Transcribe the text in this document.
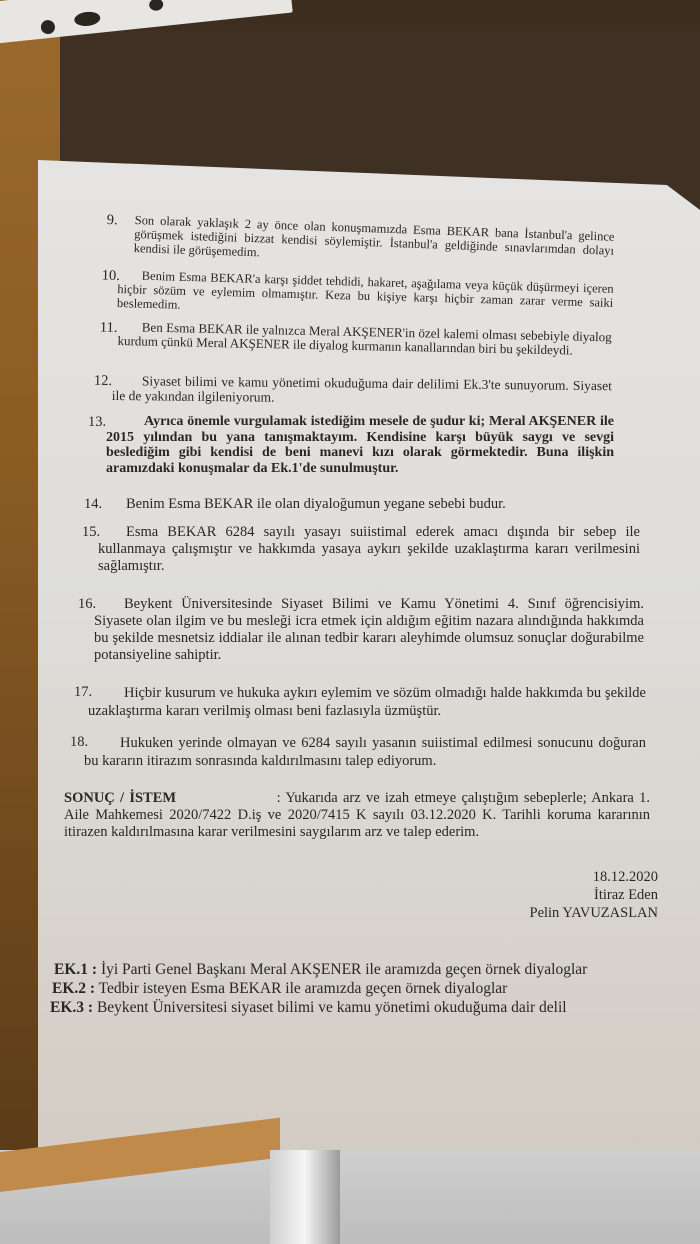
9. Son olarak yaklaşık 2 ay önce olan konuşmamızda Esma BEKAR bana İstanbul'a gelince görüşmek istediğini bizzat kendisi söylemiştir. İstanbul'a geldiğinde sınavlarımdan dolayı kendisi ile görüşemedim.

10.	Benim Esma BEKAR'a karşı şiddet tehdidi, hakaret, aşağılama veya küçük düşürmeyi içeren hiçbir sözüm ve eylemim olmamıştır. Keza bu kişiye karşı hiçbir zaman zarar verme saiki beslemedim.

11.	Ben Esma BEKAR ile yalnızca Meral AKŞENER'in özel kalemi olması sebebiyle diyalog kurdum çünkü Meral AKŞENER ile diyalog kurmanın kanallarından biri bu şekildeydi.

12.	Siyaset bilimi ve kamu yönetimi okuduğuma dair delilimi Ek.3'te sunuyorum. Siyaset ile de yakından ilgileniyorum.

13.	Ayrıca önemle vurgulamak istediğim mesele de şudur ki; Meral AKŞENER ile 2015 yılından bu yana tanışmaktayım. Kendisine karşı büyük saygı ve sevgi beslediğim gibi kendisi de beni manevi kızı olarak görmektedir. Buna ilişkin aramızdaki konuşmalar da Ek.1'de sunulmuştur.

14.	Benim Esma BEKAR ile olan diyaloğumun yegane sebebi budur.

15.	Esma BEKAR 6284 sayılı yasayı suiistimal ederek amacı dışında bir sebep ile kullanmaya çalışmıştır ve hakkımda yasaya aykırı şekilde uzaklaştırma kararı verilmesini sağlamıştır.

16.	Beykent Üniversitesinde Siyaset Bilimi ve Kamu Yönetimi 4. Sınıf öğrencisiyim. Siyasete olan ilgim ve bu mesleği icra etmek için aldığım eğitim nazara alındığında hakkımda bu şekilde mesnetsiz iddialar ile alınan tedbir kararı aleyhimde olumsuz sonuçlar doğurabilme potansiyeline sahiptir.

17.	Hiçbir kusurum ve hukuka aykırı eylemim ve sözüm olmadığı halde hakkımda bu şekilde uzaklaştırma kararı verilmiş olması beni fazlasıyla üzmüştür.

18.	Hukuken yerinde olmayan ve 6284 sayılı yasanın suiistimal edilmesi sonucunu doğuran bu kararın itirazım sonrasında kaldırılmasını talep ediyorum.

SONUÇ / İSTEM	: Yukarıda arz ve izah etmeye çalıştığım sebeplerle; Ankara 1. Aile Mahkemesi 2020/7422 D.iş ve 2020/7415 K sayılı 03.12.2020 K. Tarihli koruma kararının itirazen kaldırılmasına karar verilmesini saygılarım arz ve talep ederim.
18.12.2020
İtiraz Eden
Pelin YAVUZASLAN
EK.1 : İyi Parti Genel Başkanı Meral AKŞENER ile aramızda geçen örnek diyaloglar
EK.2 : Tedbir isteyen Esma BEKAR ile aramızda geçen örnek diyaloglar
EK.3 : Beykent Üniversitesi siyaset bilimi ve kamu yönetimi okuduğuma dair delil
